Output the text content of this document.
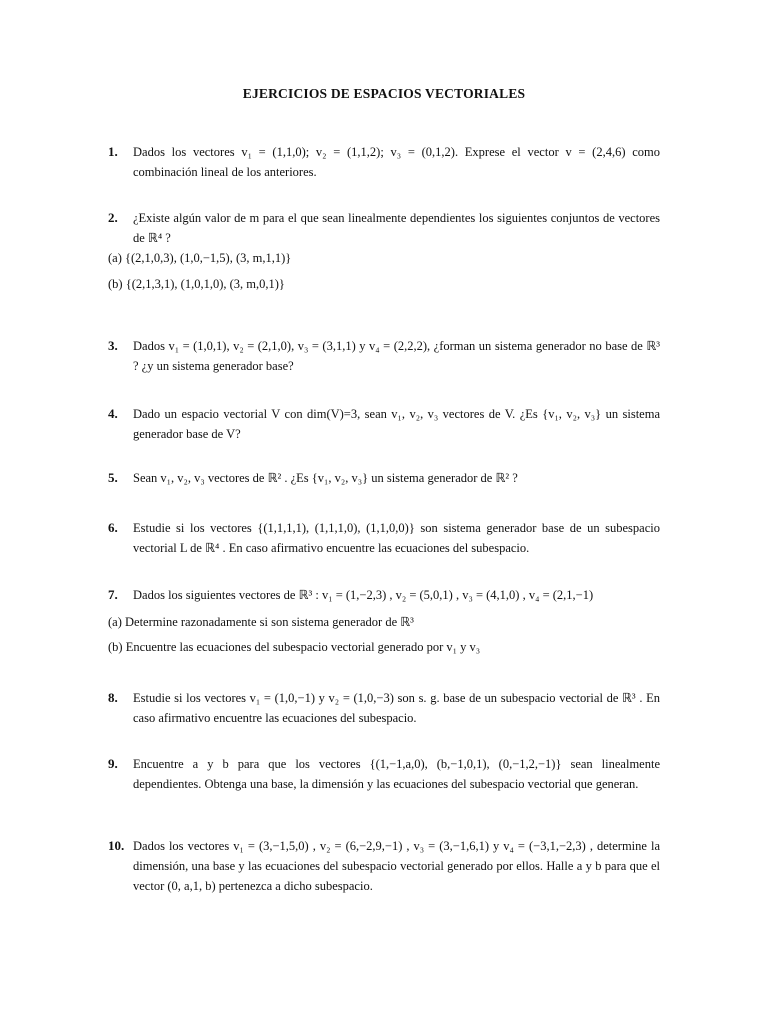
EJERCICIOS DE ESPACIOS VECTORIALES
1. Dados los vectores v₁ = (1,1,0); v₂ = (1,1,2); v₃ = (0,1,2). Exprese el vector v = (2,4,6) como combinación lineal de los anteriores.
2. ¿Existe algún valor de m para el que sean linealmente dependientes los siguientes conjuntos de vectores de ℝ⁴ ?
(a) {(2,1,0,3), (1,0,−1,5), (3, m,1,1)}
(b) {(2,1,3,1), (1,0,1,0), (3, m,0,1)}
3. Dados v₁ = (1,0,1), v₂ = (2,1,0), v₃ = (3,1,1) y v₄ = (2,2,2), ¿forman un sistema generador no base de ℝ³ ? ¿y un sistema generador base?
4. Dado un espacio vectorial V con dim(V)=3, sean v₁, v₂, v₃ vectores de V. ¿Es {v₁, v₂, v₃} un sistema generador base de V?
5. Sean v₁, v₂, v₃ vectores de ℝ² . ¿Es {v₁, v₂, v₃} un sistema generador de ℝ² ?
6. Estudie si los vectores {(1,1,1,1), (1,1,1,0), (1,1,0,0)} son sistema generador base de un subespacio vectorial L de ℝ⁴ . En caso afirmativo encuentre las ecuaciones del subespacio.
7. Dados los siguientes vectores de ℝ³ : v₁ = (1,−2,3) , v₂ = (5,0,1) , v₃ = (4,1,0) , v₄ = (2,1,−1)
(a) Determine razonadamente si son sistema generador de ℝ³
(b) Encuentre las ecuaciones del subespacio vectorial generado por v₁ y v₃
8. Estudie si los vectores v₁ = (1,0,−1) y v₂ = (1,0,−3) son s. g. base de un subespacio vectorial de ℝ³ . En caso afirmativo encuentre las ecuaciones del subespacio.
9. Encuentre a y b para que los vectores {(1,−1,a,0), (b,−1,0,1), (0,−1,2,−1)} sean linealmente dependientes. Obtenga una base, la dimensión y las ecuaciones del subespacio vectorial que generan.
10. Dados los vectores v₁ = (3,−1,5,0) , v₂ = (6,−2,9,−1) , v₃ = (3,−1,6,1) y v₄ = (−3,1,−2,3) , determine la dimensión, una base y las ecuaciones del subespacio vectorial generado por ellos. Halle a y b para que el vector (0, a,1, b) pertenezca a dicho subespacio.
